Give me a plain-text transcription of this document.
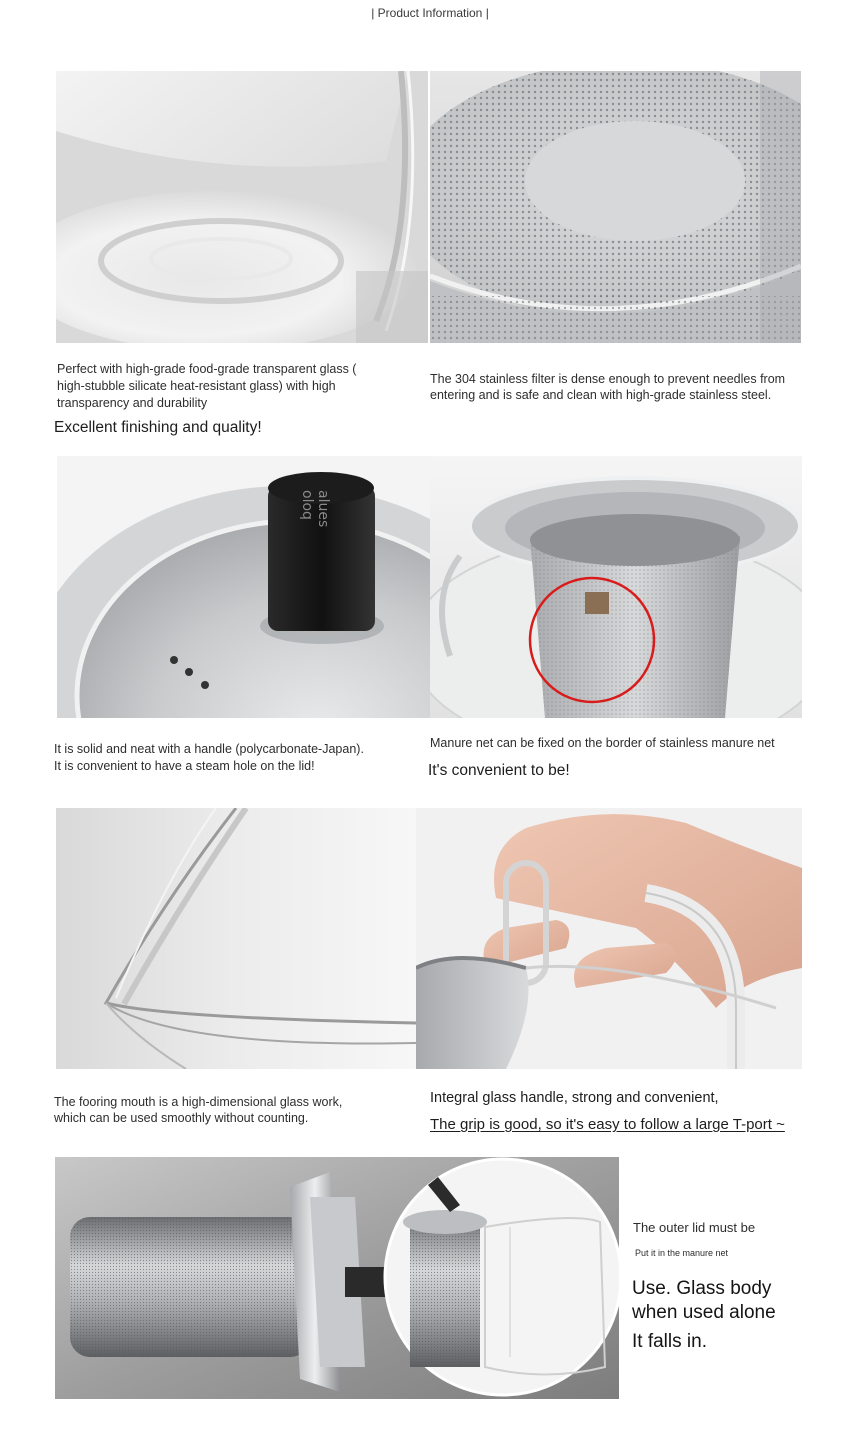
| Product Information |
Perfect with high-grade food-grade transparent glass (
high-stubble silicate heat-resistant glass) with high
transparency and durability
Excellent finishing and quality!
The 304 stainless filter is dense enough to prevent needles from
entering and is safe and clean with high-grade stainless steel.
oloq alues
It is solid and neat with a handle (polycarbonate-Japan).
It is convenient to have a steam hole on the lid!
Manure net can be fixed on the border of stainless manure net
It's convenient to be!
The fooring mouth is a high-dimensional glass work,
which can be used smoothly without counting.
Integral glass handle, strong and convenient,
The grip is good, so it's easy to follow a large T-port ~
The outer lid must be
Put it in the manure net
Use. Glass body
when used alone
It falls in.
